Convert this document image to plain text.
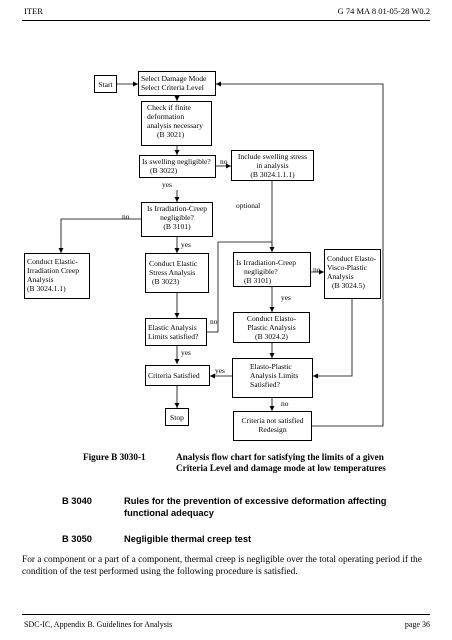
ITER	G 74 MA 8 01-05-28 W0.2
Start
Select Damage Mode
Select Criteria Level
Check if finite
deformation
analysis necessary
(B 3021)
Is swelling negligible?
(B 3022)
Include swelling stress
in analysis
(B 3024.1.1.1)
Is Irradiation-Creep
negligible?
(B 3101)
Conduct Elastic-
Irradiation Creep
Analysis
(B 3024.1.1)
Conduct Elastic
Stress Analysis
(B 3023)
Is Irradiation-Creep
negligible?
(B 3101)
Conduct Elasto-
Visco-Plastic
Analysis
(B 3024.5)
Elastic Analysis
Limits satisfied?
Conduct Elasto-
Plastic Analysis
(B 3024.2)
Criteria Satisfied
Elasto-Plastic
Analysis Limits
Satisfied?
Stop	Criteria not satisfied
Redesign
no
yes
optional
no
yes
no
yes
no
yes
yes
no
Figure B 3030-1	Analysis flow chart for satisfying the limits of a given
Criteria Level and damage mode at low temperatures
B 3040	Rules for the prevention of excessive deformation affecting
functional adequacy
B 3050	Negligible thermal creep test
For a component or a part of a component, thermal creep is negligible over the total operating period if the condition of the test performed using the following procedure is satisfied.
SDC-IC, Appendix B. Guidelines for Analysis	page 36
